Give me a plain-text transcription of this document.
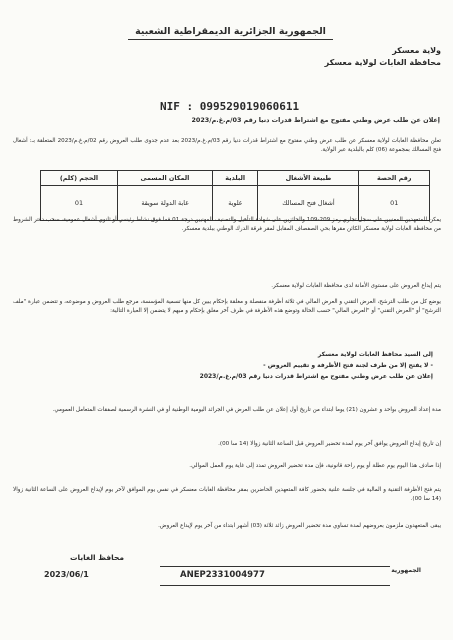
الجمهورية الجزائرية الديمقراطية الشعبية
ولاية معسكر
محافظة الغابات لولاية معسكر
NIF : 099529019060611
إعلان عن طلب عرض وطني مفتوح مع اشتراط قدرات دنيا رقم 03/م.غ.م/2023
تعلن محافظة الغابات لولاية معسكر عن طلب عرض وطني مفتوح مع اشتراط قدرات دنيا رقم 03/م.غ.م/2023 بعد عدم جدوى طلب العروض رقم 02/م.غ.م/2023 المتعلقة بـ: أشغال فتح المسالك بمجموعة (06) كلم بالبلدية عبر الولاية.
رقم الحصة	طبيعة الأشغال	البلدية	المكان المسمى	الحجم (كلم)
01	أشغال فتح المسالك	غلوية	غابة الدولة سويقة	01
يمكن للمتعهدين المعنيين على سجل تجاري رمز 209-109 والحائزين على شهادة التأهيل والتصنيف المهنيين درجة 01 فما فوق نشاط رئيسي أو ثانوي أشغال عمومية، سحب دفتر الشروط من محافظة الغابات لولاية معسكر الكائن مقرها بحي الصفصاف المقابل لمقر فرقة الدرك الوطني ببلدية معسكر.
يتم إيداع العروض على مستوى الأمانة لدى محافظة الغابات لولاية معسكر.
يوضع كل من طلب الترشح، العرض التقني و العرض المالي في ثلاثة أظرفة منفصلة و مغلقة بإحكام يبين كل منها تسمية المؤسسة، مرجع طلب العروض و موضوعه، و تتضمن عبارة "ملف الترشح" أو "العرض التقني" أو "العرض المالي" حسب الحالة وتوضع هذه الأظرفة في ظرف آخر مغلق بإحكام و مبهم لا يتضمن إلا العبارة التالية:
إلى السيد محافظ الغابات لولاية معسكر
- لا يفتح إلا من طرف لجنة فتح الأظرفة و تقييم العروض -
إعلان عن طلب عرض وطني مفتوح مع اشتراط قدرات دنيا رقم 03/م.غ.م/2023
مدة إعداد العروض بواحد و عشرون (21) يوما ابتداء من تاريخ أول إعلان عن طلب العرض في الجرائد اليومية الوطنية أو في النشرة الرسمية لصفقات المتعامل العمومي.
إن تاريخ إيداع العروض يوافق آخر يوم لمدة تحضير العروض قبل الساعة الثانية زوالا (14 سا 00).
إذا صادف هذا اليوم يوم عطلة أو يوم راحة قانونية، فإن مدة تحضير العروض تمدد إلى غاية يوم العمل الموالي.
يتم فتح الأظرفة التقنية و المالية في جلسة علنية بحضور كافة المتعهدين الحاضرين بمقر محافظة الغابات معسكر في نفس يوم الموافق لآخر يوم لإيداع العروض على الساعة الثانية زوالا (14 سا 00).
يبقى المتعهدون ملزمون بعروضهم لمدة تساوي مدة تحضير العروض زائد ثلاثة (03) أشهر ابتداء من آخر يوم لإيداع العروض.
محافظ الغابات
2023/06/1	ANEP2331004977	الجمهورية
